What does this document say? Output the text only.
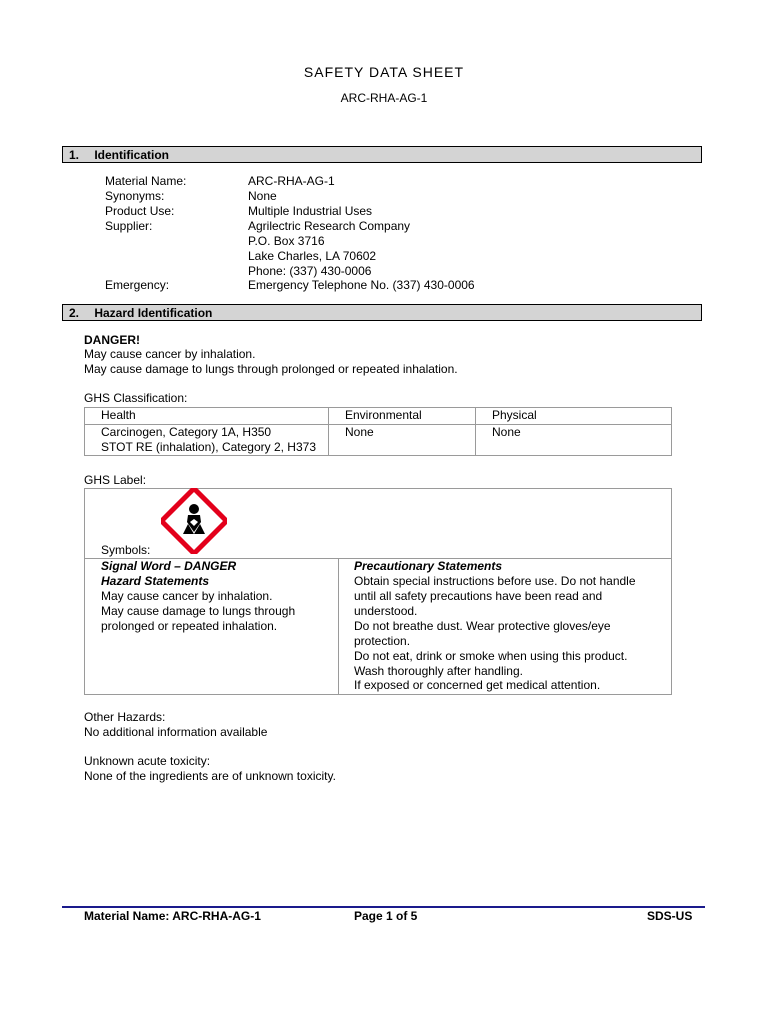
SAFETY DATA SHEET
ARC-RHA-AG-1
1. Identification
Material Name:	ARC-RHA-AG-1
Synonyms:	None
Product Use:	Multiple Industrial Uses
Supplier:	Agrilectric Research Company
P.O. Box 3716
Lake Charles, LA 70602
Phone: (337) 430-0006
Emergency:	Emergency Telephone No. (337) 430-0006
2. Hazard Identification
DANGER!
May cause cancer by inhalation.
May cause damage to lungs through prolonged or repeated inhalation.
GHS Classification:
Health	Environmental	Physical

Carcinogen, Category 1A, H350
STOT RE (inhalation), Category 2, H373	None	None
GHS Label:
Symbols:
Signal Word – DANGER
Hazard Statements
May cause cancer by inhalation.
May cause damage to lungs through
prolonged or repeated inhalation.
Precautionary Statements
Obtain special instructions before use. Do not handle
until all safety precautions have been read and
understood.
Do not breathe dust. Wear protective gloves/eye
protection.
Do not eat, drink or smoke when using this product.
Wash thoroughly after handling.
If exposed or concerned get medical attention.
Other Hazards:
No additional information available
Unknown acute toxicity:
None of the ingredients are of unknown toxicity.
Material Name: ARC-RHA-AG-1	Page 1 of 5	SDS-US
